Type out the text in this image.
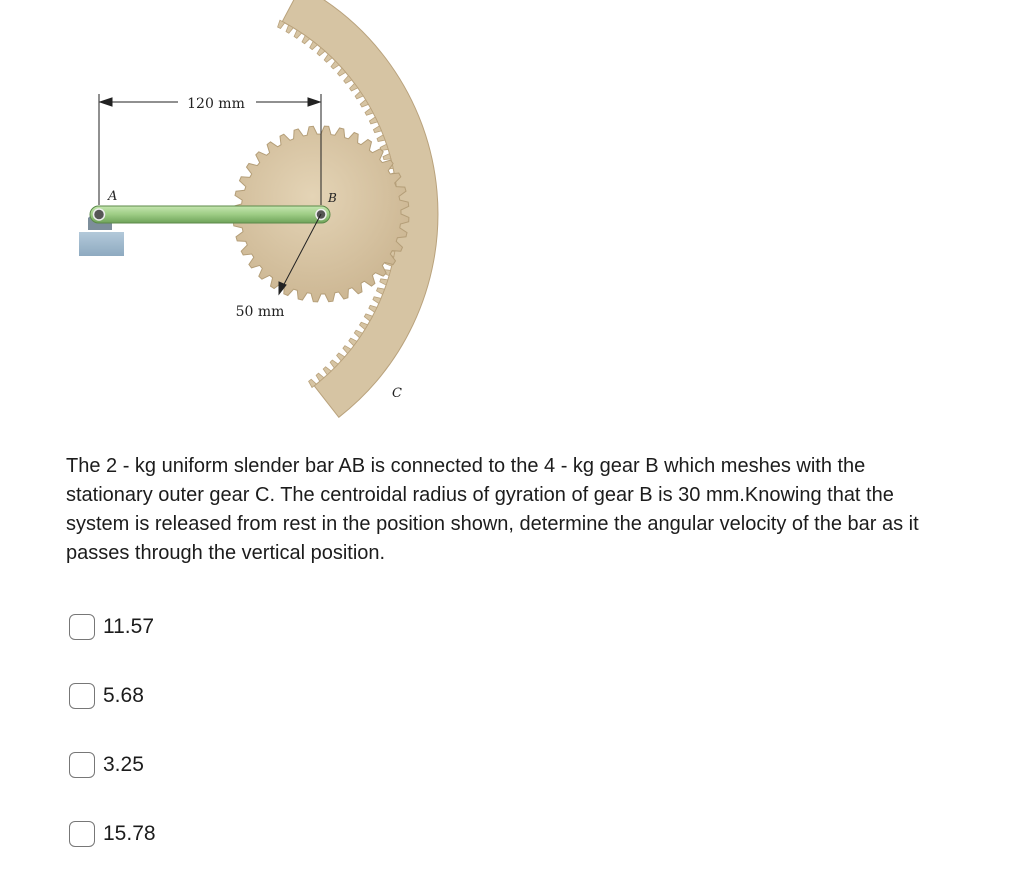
120 mm
50 mm
A	B
C

The 2 - kg uniform slender bar AB is connected to the 4 - kg gear B which meshes with the stationary outer gear C. The centroidal radius of gyration of gear B is 30 mm.Knowing that the system is released from rest in the position shown, determine the angular velocity of the bar as it passes through the vertical position.

11.57
5.68
3.25
15.78
